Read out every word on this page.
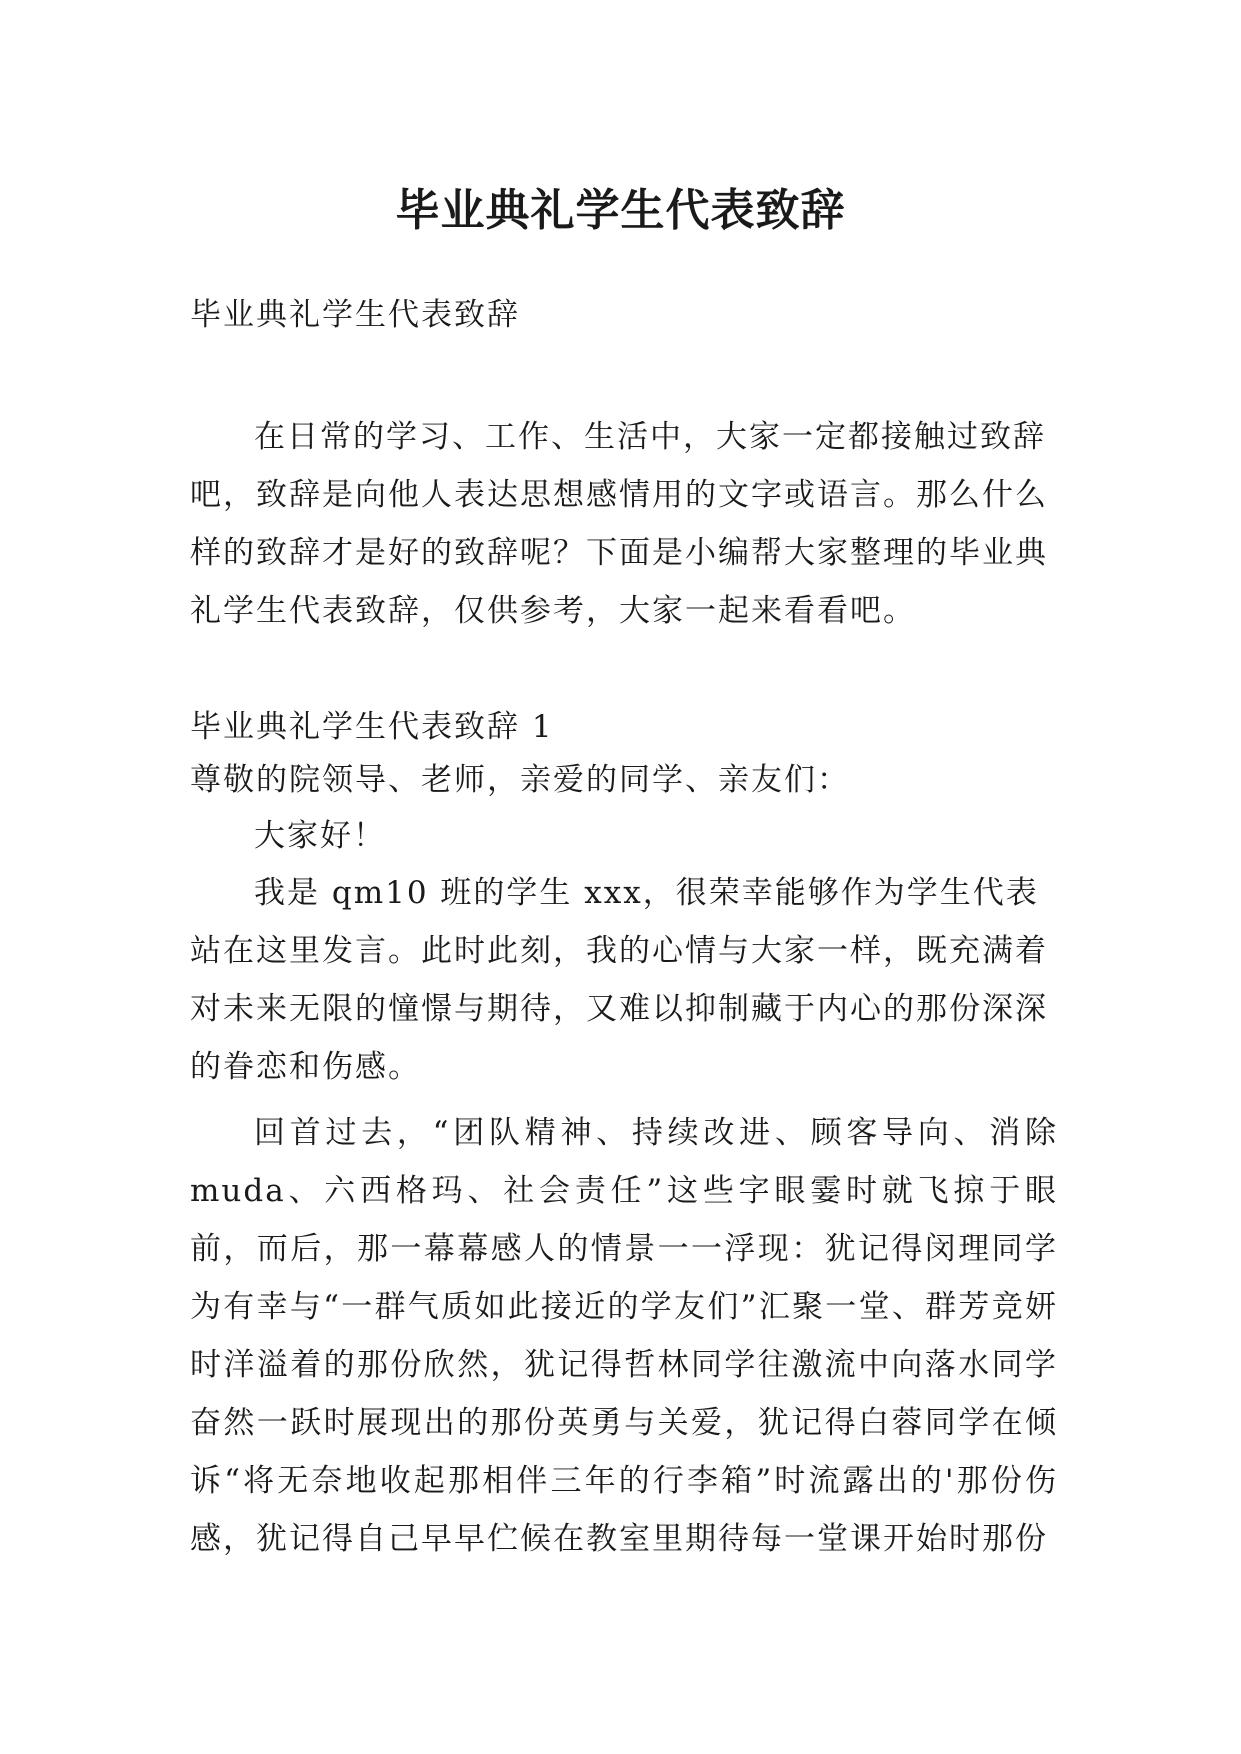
毕业典礼学生代表致辞

毕业典礼学生代表致辞

在日常的学习、工作、生活中，大家一定都接触过致辞吧，致辞是向他人表达思想感情用的文字或语言。那么什么样的致辞才是好的致辞呢？下面是小编帮大家整理的毕业典礼学生代表致辞，仅供参考，大家一起来看看吧。

毕业典礼学生代表致辞 1

尊敬的院领导、老师，亲爱的同学、亲友们：

大家好！

我是 qm10 班的学生 xxx，很荣幸能够作为学生代表站在这里发言。此时此刻，我的心情与大家一样，既充满着对未来无限的憧憬与期待，又难以抑制藏于内心的那份深深的眷恋和伤感。

回首过去，“团队精神、持续改进、顾客导向、消除 muda、六西格玛、社会责任”这些字眼霎时就飞掠于眼前，而后，那一幕幕感人的情景一一浮现：犹记得闵理同学为有幸与“一群气质如此接近的学友们”汇聚一堂、群芳竞妍时洋溢着的那份欣然，犹记得哲林同学往激流中向落水同学奋然一跃时展现出的那份英勇与关爱，犹记得白蓉同学在倾诉“将无奈地收起那相伴三年的行李箱”时流露出的'那份伤感，犹记得自己早早伫候在教室里期待每一堂课开始时那份
